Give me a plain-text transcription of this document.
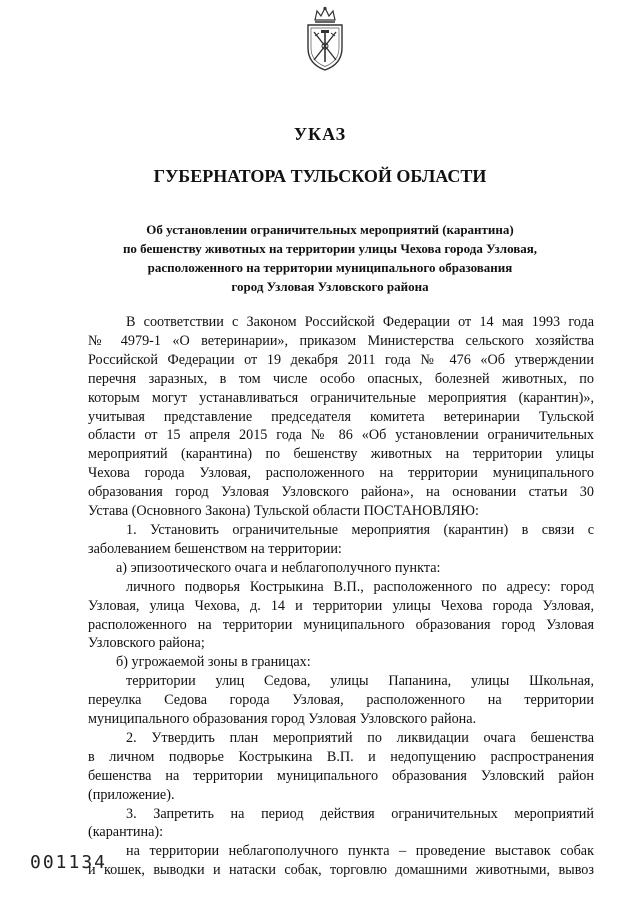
УКАЗ
ГУБЕРНАТОРА ТУЛЬСКОЙ ОБЛАСТИ
Об установлении ограничительных мероприятий (карантина)
по бешенству животных на территории улицы Чехова города Узловая,
расположенного на территории муниципального образования
город Узловая Узловского района
В соответствии с Законом Российской Федерации от 14 мая 1993 года
№ 4979-1 «О ветеринарии», приказом Министерства сельского хозяйства
Российской Федерации от 19 декабря 2011 года № 476 «Об утверждении
перечня заразных, в том числе особо опасных, болезней животных, по
которым могут устанавливаться ограничительные мероприятия (карантин)»,
учитывая представление председателя комитета ветеринарии Тульской
области от 15 апреля 2015 года № 86 «Об установлении ограничительных
мероприятий (карантина) по бешенству животных на территории улицы
Чехова города Узловая, расположенного на территории муниципального
образования город Узловая Узловского района», на основании статьи 30
Устава (Основного Закона) Тульской области ПОСТАНОВЛЯЮ:
1. Установить ограничительные мероприятия (карантин) в связи с
заболеванием бешенством на территории:
а) эпизоотического очага и неблагополучного пункта:
личного подворья Кострыкина В.П., расположенного по адресу: город
Узловая, улица Чехова, д. 14 и территории улицы Чехова города Узловая,
расположенного на территории муниципального образования город Узловая
Узловского района;
б) угрожаемой зоны в границах:
территории улиц Седова, улицы Папанина, улицы Школьная,
переулка Седова города Узловая, расположенного на территории
муниципального образования город Узловая Узловского района.
2. Утвердить план мероприятий по ликвидации очага бешенства
в личном подворье Кострыкина В.П. и недопущению распространения
бешенства на территории муниципального образования Узловский район
(приложение).
3. Запретить на период действия ограничительных мероприятий
(карантина):
на территории неблагополучного пункта – проведение выставок собак
и кошек, выводки и натаски собак, торговлю домашними животными, вывоз
001134
